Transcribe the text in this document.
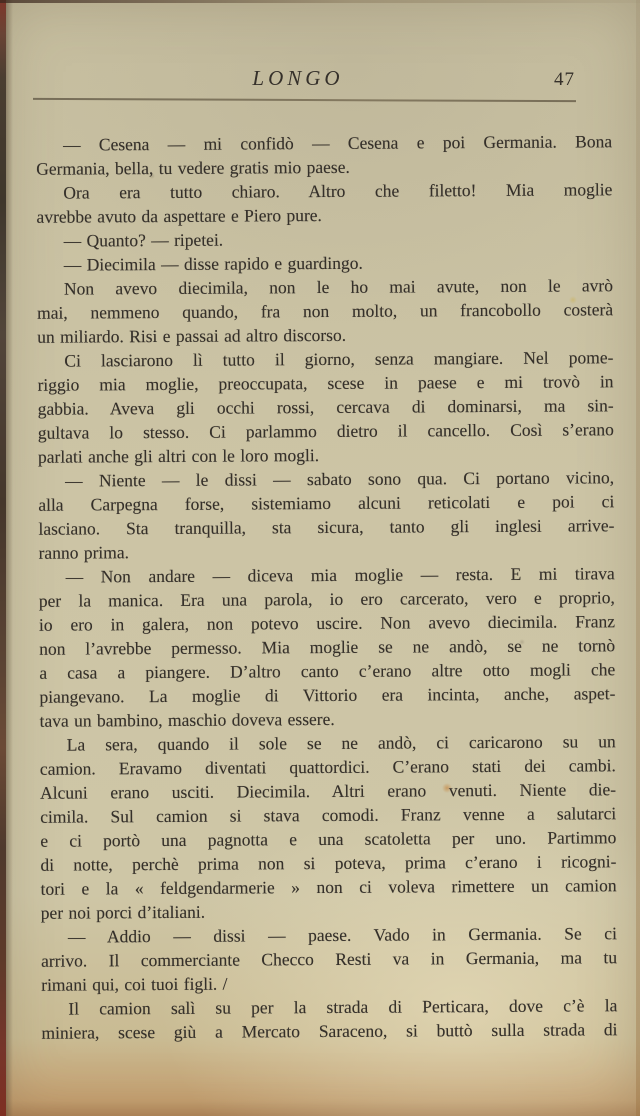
LONGO	47
— Cesena — mi confidò — Cesena e poi Germania. Bona
Germania, bella, tu vedere gratis mio paese.
Ora era tutto chiaro. Altro che filetto! Mia moglie
avrebbe avuto da aspettare e Piero pure.
— Quanto? — ripetei.
— Diecimila — disse rapido e guardingo.
Non avevo diecimila, non le ho mai avute, non le avrò
mai, nemmeno quando, fra non molto, un francobollo costerà
un miliardo. Risi e passai ad altro discorso.
Ci lasciarono lì tutto il giorno, senza mangiare. Nel pome-
riggio mia moglie, preoccupata, scese in paese e mi trovò in
gabbia. Aveva gli occhi rossi, cercava di dominarsi, ma sin-
gultava lo stesso. Ci parlammo dietro il cancello. Così s’erano
parlati anche gli altri con le loro mogli.
— Niente — le dissi — sabato sono qua. Ci portano vicino,
alla Carpegna forse, sistemiamo alcuni reticolati e poi ci
lasciano. Sta tranquilla, sta sicura, tanto gli inglesi arrive-
ranno prima.
— Non andare — diceva mia moglie — resta. E mi tirava
per la manica. Era una parola, io ero carcerato, vero e proprio,
io ero in galera, non potevo uscire. Non avevo diecimila. Franz
non l’avrebbe permesso. Mia moglie se ne andò, se ne tornò
a casa a piangere. D’altro canto c’erano altre otto mogli che
piangevano. La moglie di Vittorio era incinta, anche, aspet-
tava un bambino, maschio doveva essere.
La sera, quando il sole se ne andò, ci caricarono su un
camion. Eravamo diventati quattordici. C’erano stati dei cambi.
Alcuni erano usciti. Diecimila. Altri erano venuti. Niente die-
cimila. Sul camion si stava comodi. Franz venne a salutarci
e ci portò una pagnotta e una scatoletta per uno. Partimmo
di notte, perchè prima non si poteva, prima c’erano i ricogni-
tori e la « feldgendarmerie » non ci voleva rimettere un camion
per noi porci d’italiani.
— Addio — dissi — paese. Vado in Germania. Se ci
arrivo. Il commerciante Checco Resti va in Germania, ma tu
rimani qui, coi tuoi figli. /
Il camion salì su per la strada di Perticara, dove c’è la
miniera, scese giù a Mercato Saraceno, si buttò sulla strada di
